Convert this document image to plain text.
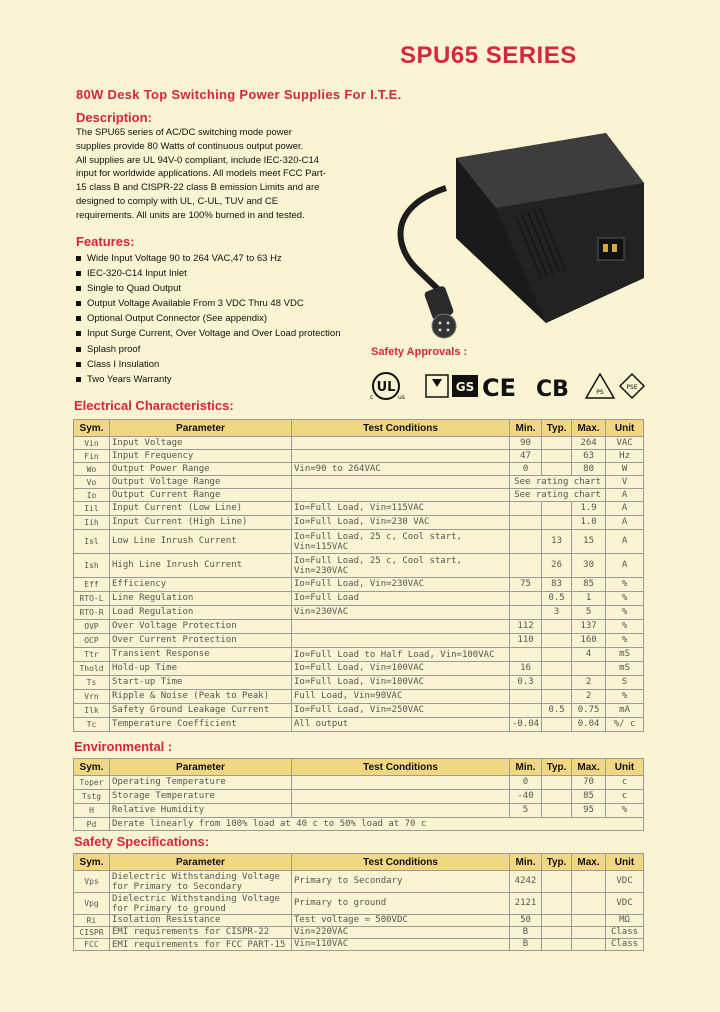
SPU65 SERIES
80W Desk Top Switching Power Supplies For I.T.E.
Description:
The SPU65 series of AC/DC switching mode power
supplies provide 80 Watts of continuous output power.
All supplies are UL 94V-0 compliant, include IEC-320-C14
input for worldwide applications. All models meet FCC Part-
15 class B and CISPR-22 class B emission Limits and are
designed to comply with UL, C-UL, TUV and CE
requirements. All units are 100% burned in and tested.
Features:
Wide Input Voltage 90 to 264 VAC,47 to 63 Hz
IEC-320-C14 Input Inlet
Single to Quad Output
Output Voltage Available From 3 VDC Thru 48 VDC
Optional Output Connector (See appendix)
Input Surge Current, Over Voltage and Over Load protection
Splash proof
Class I Insulation
Two Years Warranty
Safety Approvals :
UL
c	us
GS CE CB	PS
PSE
Electrical Characteristics:
Sym.	Parameter	Test Conditions	Min.	Typ.	Max.	Unit
Vin	Input Voltage		90		264	VAC
Fin	Input Frequency		47		63	Hz
Wo	Output Power Range	Vin=90 to 264VAC	0		80	W
Vo	Output Voltage Range		See rating chart			V
Io	Output Current Range		See rating chart			A
Iil	Input Current (Low Line)	Io=Full Load, Vin=115VAC			1.9	A
Iih	Input Current (High Line)	Io=Full Load, Vin=230 VAC			1.0	A
Isl	Low Line Inrush Current	Io=Full Load, 25 c, Cool start, Vin=115VAC		13	15	A
Ish	High Line Inrush Current	Io=Full Load, 25 c, Cool start, Vin=230VAC		26	30	A
Eff	Efficiency	Io=Full Load, Vin=230VAC	75	83	85	%
RTO-L	Line Regulation	Io=Full Load		0.5	1	%
RTO-R	Load Regulation	Vin=230VAC		3	5	%
OVP	Over Voltage Protection		112		137	%
OCP	Over Current Protection		110		160	%
Ttr	Transient Response	Io=Full Load to Half Load, Vin=100VAC			4	mS
Thold	Hold-up Time	Io=Full Load, Vin=100VAC	16			mS
Ts	Start-up Time	Io=Full Load, Vin=100VAC	0.3		2	S
Vrn	Ripple & Noise (Peak to Peak)	Full Load, Vin=90VAC			2	%
Ilk	Safety Ground Leakage Current	Io=Full Load, Vin=250VAC		0.5	0.75	mA
Tc	Temperature Coefficient	All output	-0.04		0.04	%/ c
Environmental :
Sym.	Parameter	Test Conditions	Min.	Typ.	Max.	Unit
Toper	Operating Temperature		0		70	c
Tstg	Storage Temperature		-40		85	c
H	Relative Humidity		5		95	%
Pd	Derate linearly from 100% load at 40 c to 50% load at 70 c					
Safety Specifications:
Sym.	Parameter	Test Conditions	Min.	Typ.	Max.	Unit
Vps	Dielectric Withstanding Voltage for Primary to Secondary	Primary to Secondary	4242			VDC
Vpg	Dielectric Withstanding Voltage for Primary to ground	Primary to ground	2121			VDC
Ri	Isolation Resistance	Test voltage = 500VDC	50			MΩ
CISPR	EMI requirements for CISPR-22	Vin=220VAC	B			Class
FCC	EMI requirements for FCC PART-15	Vin=110VAC	B			Class
